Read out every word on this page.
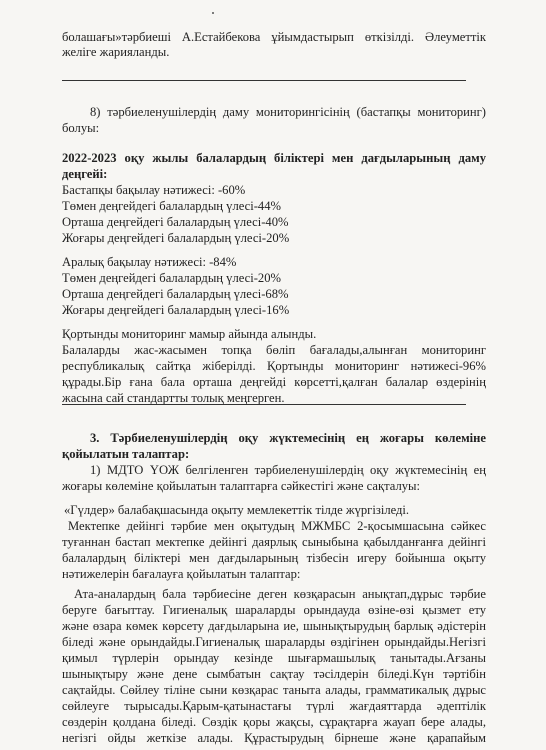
болашағы»тәрбиеші А.Естайбекова ұйымдастырып өткізілді. Әлеуметтік
желіге жарияланды.
8) тәрбиеленушілердің даму мониторингісінің (бастапқы мониторинг)
болуы:
2022-2023 оқу жылы балалардың біліктері мен дағдыларының даму
деңгейі:
Бастапқы бақылау нәтижесі: -60%
Төмен деңгейдегі балалардың үлесі-44%
Орташа деңгейдегі балалардың үлесі-40%
Жоғары деңгейдегі балалардың үлесі-20%
Аралық бақылау нәтижесі: -84%
Төмен деңгейдегі балалардың үлесі-20%
Орташа деңгейдегі балалардың үлесі-68%
Жоғары деңгейдегі балалардың үлесі-16%
Қортынды мониторинг мамыр айында алынды.
Балаларды жас-жасымен топқа бөліп бағалады,алынған мониторинг
республикалық сайтқа жіберілді. Қортынды мониторинг нәтижесі-96%
құрады.Бір ғана бала орташа деңгейді көрсетті,қалған балалар өздерінің
жасына сай стандартты толық меңгерген.
3. Тәрбиеленушілердің оқу жүктемесінің ең жоғары көлеміне
қойылатын талаптар:
1) МДТО ҮОЖ белгіленген тәрбиеленушілердің оқу жүктемесінің ең
жоғары көлеміне қойылатын талаптарға сәйкестігі және сақталуы:
«Гүлдер» балабақшасында оқыту мемлекеттік тілде жүргізіледі.
Мектепке дейінгі тәрбие мен оқытудың МЖМБС 2-қосымшасына сәйкес
туғаннан бастап мектепке дейінгі даярлық сыныбына қабылданғанға дейінгі
балалардың біліктері мен дағдыларының тізбесін игеру бойынша оқыту
нәтижелерін бағалауға қойылатын талаптар:
Ата-аналардың бала тәрбиесіне деген көзқарасын анықтап,дұрыс тәрбие
беруге бағыттау. Гигиеналық шараларды орындауда өзіне-өзі қызмет ету
және өзара көмек көрсету дағдыларына ие, шынықтырудың барлық әдістерін
біледі және орындайды.Гигиеналық шараларды өздігінен орындайды.Негізгі
қимыл түрлерін орындау кезінде шығармашылық танытады.Ағзаны
шынықтыру және дене сымбатын сақтау тәсілдерін біледі.Күн тәртібін
сақтайды. Сөйлеу тіліне сыни көзқарас таныта алады, грамматикалық дұрыс
сөйлеуге тырысады.Қарым-қатынастағы түрлі жағдаяттарда әдептілік
сөздерін қолдана біледі. Сөздік қоры жақсы, сұрақтарға жауап бере алады,
негізгі ойды жеткізе алады. Құрастырудың бірнеше және қарапайым
